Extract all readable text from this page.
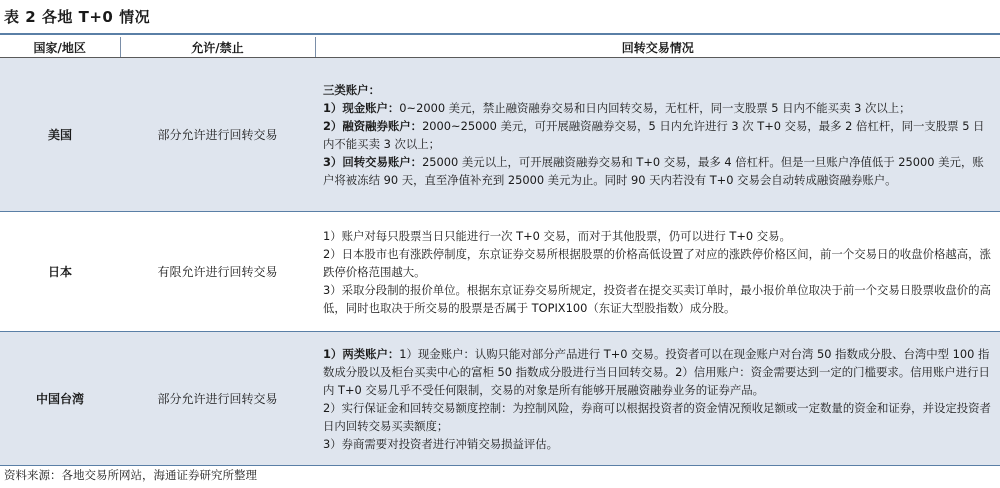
表 2 各地 T+0 情况
国家/地区	允许/禁止	回转交易情况
美国	部分允许进行回转交易	三类账户：
1）现金账户：0~2000 美元，禁止融资融券交易和日内回转交易，无杠杆，同一支股票 5 日内不能买卖 3 次以上；
2）融资融券账户：2000~25000 美元，可开展融资融券交易，5 日内允许进行 3 次 T+0 交易，最多 2 倍杠杆，同一支股票 5 日内不能买卖 3 次以上；
3）回转交易账户：25000 美元以上，可开展融资融券交易和 T+0 交易，最多 4 倍杠杆。但是一旦账户净值低于 25000 美元，账户将被冻结 90 天，直至净值补充到 25000 美元为止。同时 90 天内若没有 T+0 交易会自动转成融资融券账户。

日本	有限允许进行回转交易	1）账户对每只股票当日只能进行一次 T+0 交易，而对于其他股票，仍可以进行 T+0 交易。
2）日本股市也有涨跌停制度，东京证券交易所根据股票的价格高低设置了对应的涨跌停价格区间，前一个交易日的收盘价格越高，涨跌停价格范围越大。
3）采取分段制的报价单位。根据东京证券交易所规定，投资者在提交买卖订单时，最小报价单位取决于前一个交易日股票收盘价的高低，同时也取决于所交易的股票是否属于 TOPIX100（东证大型股指数）成分股。

中国台湾	部分允许进行回转交易	1）两类账户：1）现金账户：认购只能对部分产品进行 T+0 交易。投资者可以在现金账户对台湾 50 指数成分股、台湾中型 100 指数成分股以及柜台买卖中心的富柜 50 指数成分股进行当日回转交易。2）信用账户：资金需要达到一定的门槛要求。信用账户进行日内 T+0 交易几乎不受任何限制，交易的对象是所有能够开展融资融券业务的证券产品。
2）实行保证金和回转交易额度控制：为控制风险，券商可以根据投资者的资金情况预收足额或一定数量的资金和证券，并设定投资者日内回转交易买卖额度；
3）券商需要对投资者进行冲销交易损益评估。
资料来源：各地交易所网站，海通证券研究所整理
